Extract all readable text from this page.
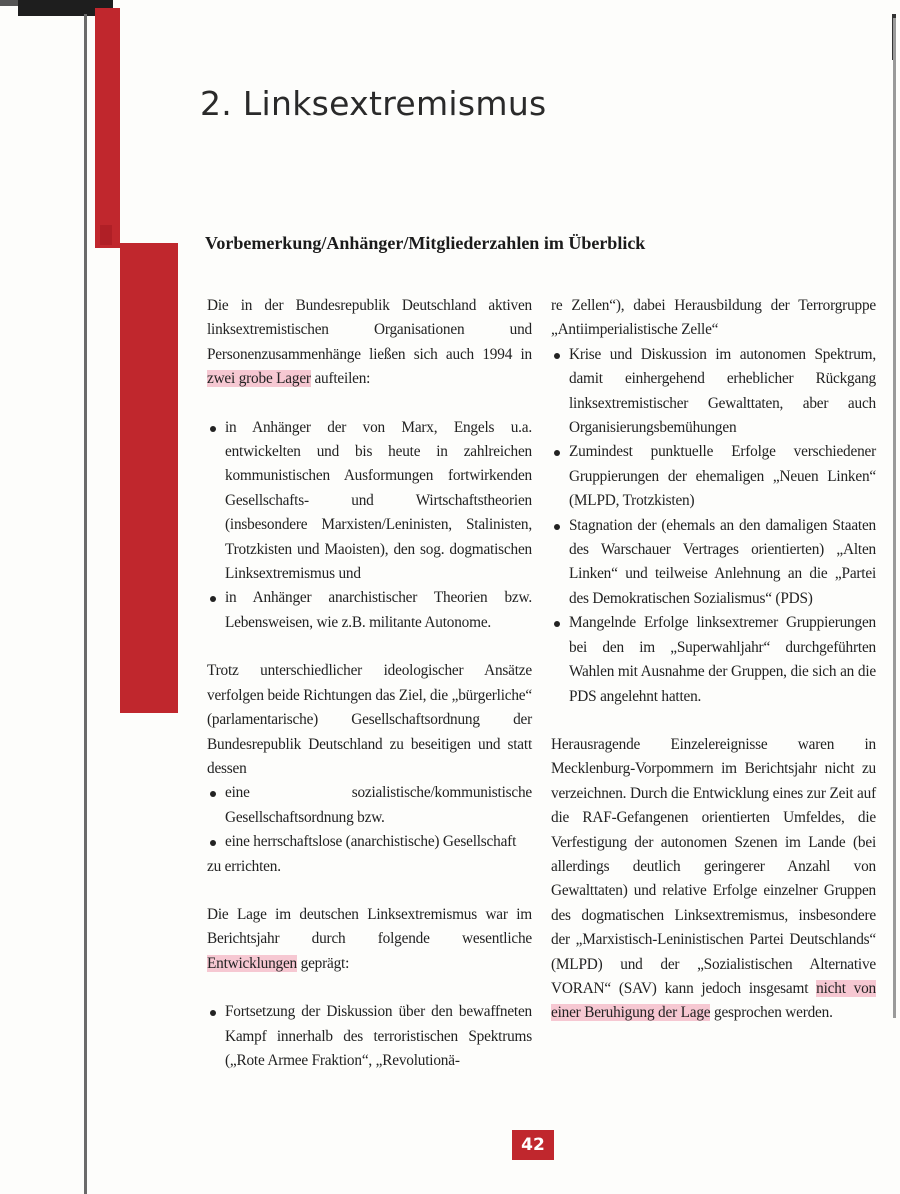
2. Linksextremismus
Vorbemerkung/Anhänger/Mitgliederzahlen im Überblick

Die in der Bundesrepublik Deutschland aktiven linksextremistischen Organisationen und Personenzusammenhänge ließen sich auch 1994 in zwei grobe Lager aufteilen:

in Anhänger der von Marx, Engels u.a. entwickelten und bis heute in zahlreichen kommunistischen Ausformungen fortwirkenden Gesellschafts- und Wirtschaftstheorien (insbesondere Marxisten/Leninisten, Stalinisten, Trotzkisten und Maoisten), den sog. dogmatischen Linksextremismus und
in Anhänger anarchistischer Theorien bzw. Lebensweisen, wie z.B. militante Autonome.

Trotz unterschiedlicher ideologischer Ansätze verfolgen beide Richtungen das Ziel, die „bürgerliche“ (parlamentarische) Gesellschaftsordnung der Bundesrepublik Deutschland zu beseitigen und statt dessen

eine sozialistische/kommunistische Gesellschaftsordnung bzw.
eine herrschaftslose (anarchistische) Gesellschaft

zu errichten.

Die Lage im deutschen Linksextremismus war im Berichtsjahr durch folgende wesentliche Entwicklungen geprägt:

Fortsetzung der Diskussion über den bewaffneten Kampf innerhalb des terroristischen Spektrums („Rote Armee Fraktion“, „Revolutionä-

re Zellen“), dabei Herausbildung der Terrorgruppe „Antiimperialistische Zelle“

Krise und Diskussion im autonomen Spektrum, damit einhergehend erheblicher Rückgang linksextremistischer Gewalttaten, aber auch Organisierungsbemühungen
Zumindest punktuelle Erfolge verschiedener Gruppierungen der ehemaligen „Neuen Linken“ (MLPD, Trotzkisten)
Stagnation der (ehemals an den damaligen Staaten des Warschauer Vertrages orientierten) „Alten Linken“ und teilweise Anlehnung an die „Partei des Demokratischen Sozialismus“ (PDS)
Mangelnde Erfolge linksextremer Gruppierungen bei den im „Superwahljahr“ durchgeführten Wahlen mit Ausnahme der Gruppen, die sich an die PDS angelehnt hatten.

Herausragende Einzelereignisse waren in Mecklenburg-Vorpommern im Berichtsjahr nicht zu verzeichnen. Durch die Entwicklung eines zur Zeit auf die RAF-Gefangenen orientierten Umfeldes, die Verfestigung der autonomen Szenen im Lande (bei allerdings deutlich geringerer Anzahl von Gewalttaten) und relative Erfolge einzelner Gruppen des dogmatischen Linksextremismus, insbesondere der „Marxistisch-Leninistischen Partei Deutschlands“ (MLPD) und der „Sozialistischen Alternative VORAN“ (SAV) kann jedoch insgesamt nicht von einer Beruhigung der Lage gesprochen werden.

42
